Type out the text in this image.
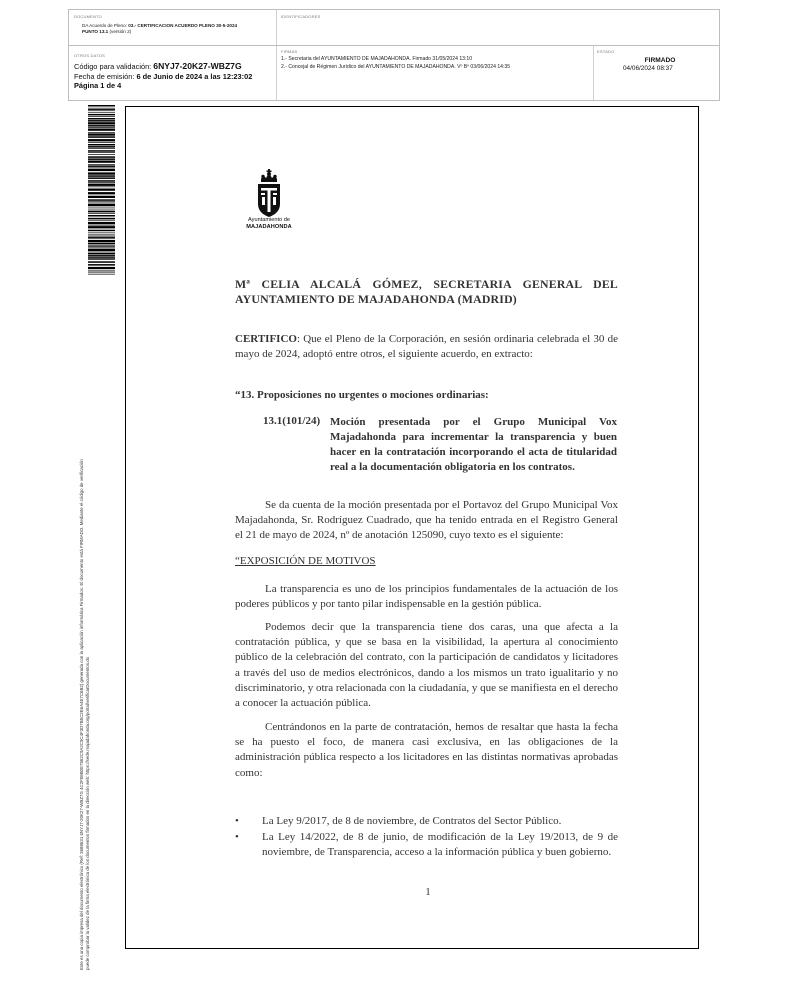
DOCUMENTO
DA Acuerdo de Pleno: 03.- CERTIFICACION ACUERDO PLENO 30-5-2024
PUNTO 13.1 (versión 2)
IDENTIFICADORES
OTROS DATOS
Código para validación: 6NYJ7-20K27-WBZ7G
Fecha de emisión: 6 de Junio de 2024 a las 12:23:02
Página 1 de 4
FIRMAS
1.- Secretaria del AYUNTAMIENTO DE MAJADAHONDA. Firmado 31/05/2024 13:10
2.- Concejal de Régimen Jurídico del AYUNTAMIENTO DE MAJADAHONDA. Vº Bº 03/06/2024 14:35
ESTADO
FIRMADO
04/06/2024 08:37
Este es una copia impresa del documento electrónico (Ref: 3688631 6NYJ7-20K27-WBZ7G 4C2F08B0E7562C9A2C9C4F3D7B5C2E6A4E7C6B2) generada con la aplicación informática Firmadoc. El documento está FIRMADO. Mediante el código de verificación puede comprobar la validez de la firma electrónica de los documentos firmados en la dirección web: https://sede.majadahonda.org/portal/verificarDocumentos.do
Ayuntamiento de
MAJADAHONDA
Mª CELIA ALCALÁ GÓMEZ, SECRETARIA GENERAL DEL AYUNTAMIENTO DE MAJADAHONDA (MADRID)
CERTIFICO: Que el Pleno de la Corporación, en sesión ordinaria celebrada el 30 de mayo de 2024, adoptó entre otros, el siguiente acuerdo, en extracto:
“13. Proposiciones no urgentes o mociones ordinarias:
13.1(101/24) Moción presentada por el Grupo Municipal Vox Majadahonda para incrementar la transparencia y buen hacer en la contratación incorporando el acta de titularidad real a la documentación obligatoria en los contratos.
Se da cuenta de la moción presentada por el Portavoz del Grupo Municipal Vox Majadahonda, Sr. Rodríguez Cuadrado, que ha tenido entrada en el Registro General el 21 de mayo de 2024, nº de anotación 125090, cuyo texto es el siguiente:
“EXPOSICIÓN DE MOTIVOS
La transparencia es uno de los principios fundamentales de la actuación de los poderes públicos y por tanto pilar indispensable en la gestión pública.
Podemos decir que la transparencia tiene dos caras, una que afecta a la contratación pública, y que se basa en la visibilidad, la apertura al conocimiento público de la celebración del contrato, con la participación de candidatos y licitadores a través del uso de medios electrónicos, dando a los mismos un trato igualitario y no discriminatorio, y otra relacionada con la ciudadanía, y que se manifiesta en el derecho a conocer la actuación pública.
Centrándonos en la parte de contratación, hemos de resaltar que hasta la fecha se ha puesto el foco, de manera casi exclusiva, en las obligaciones de la administración pública respecto a los licitadores en las distintas normativas aprobadas como:
• La Ley 9/2017, de 8 de noviembre, de Contratos del Sector Público.
• La Ley 14/2022, de 8 de junio, de modificación de la Ley 19/2013, de 9 de noviembre, de Transparencia, acceso a la información pública y buen gobierno.
1
